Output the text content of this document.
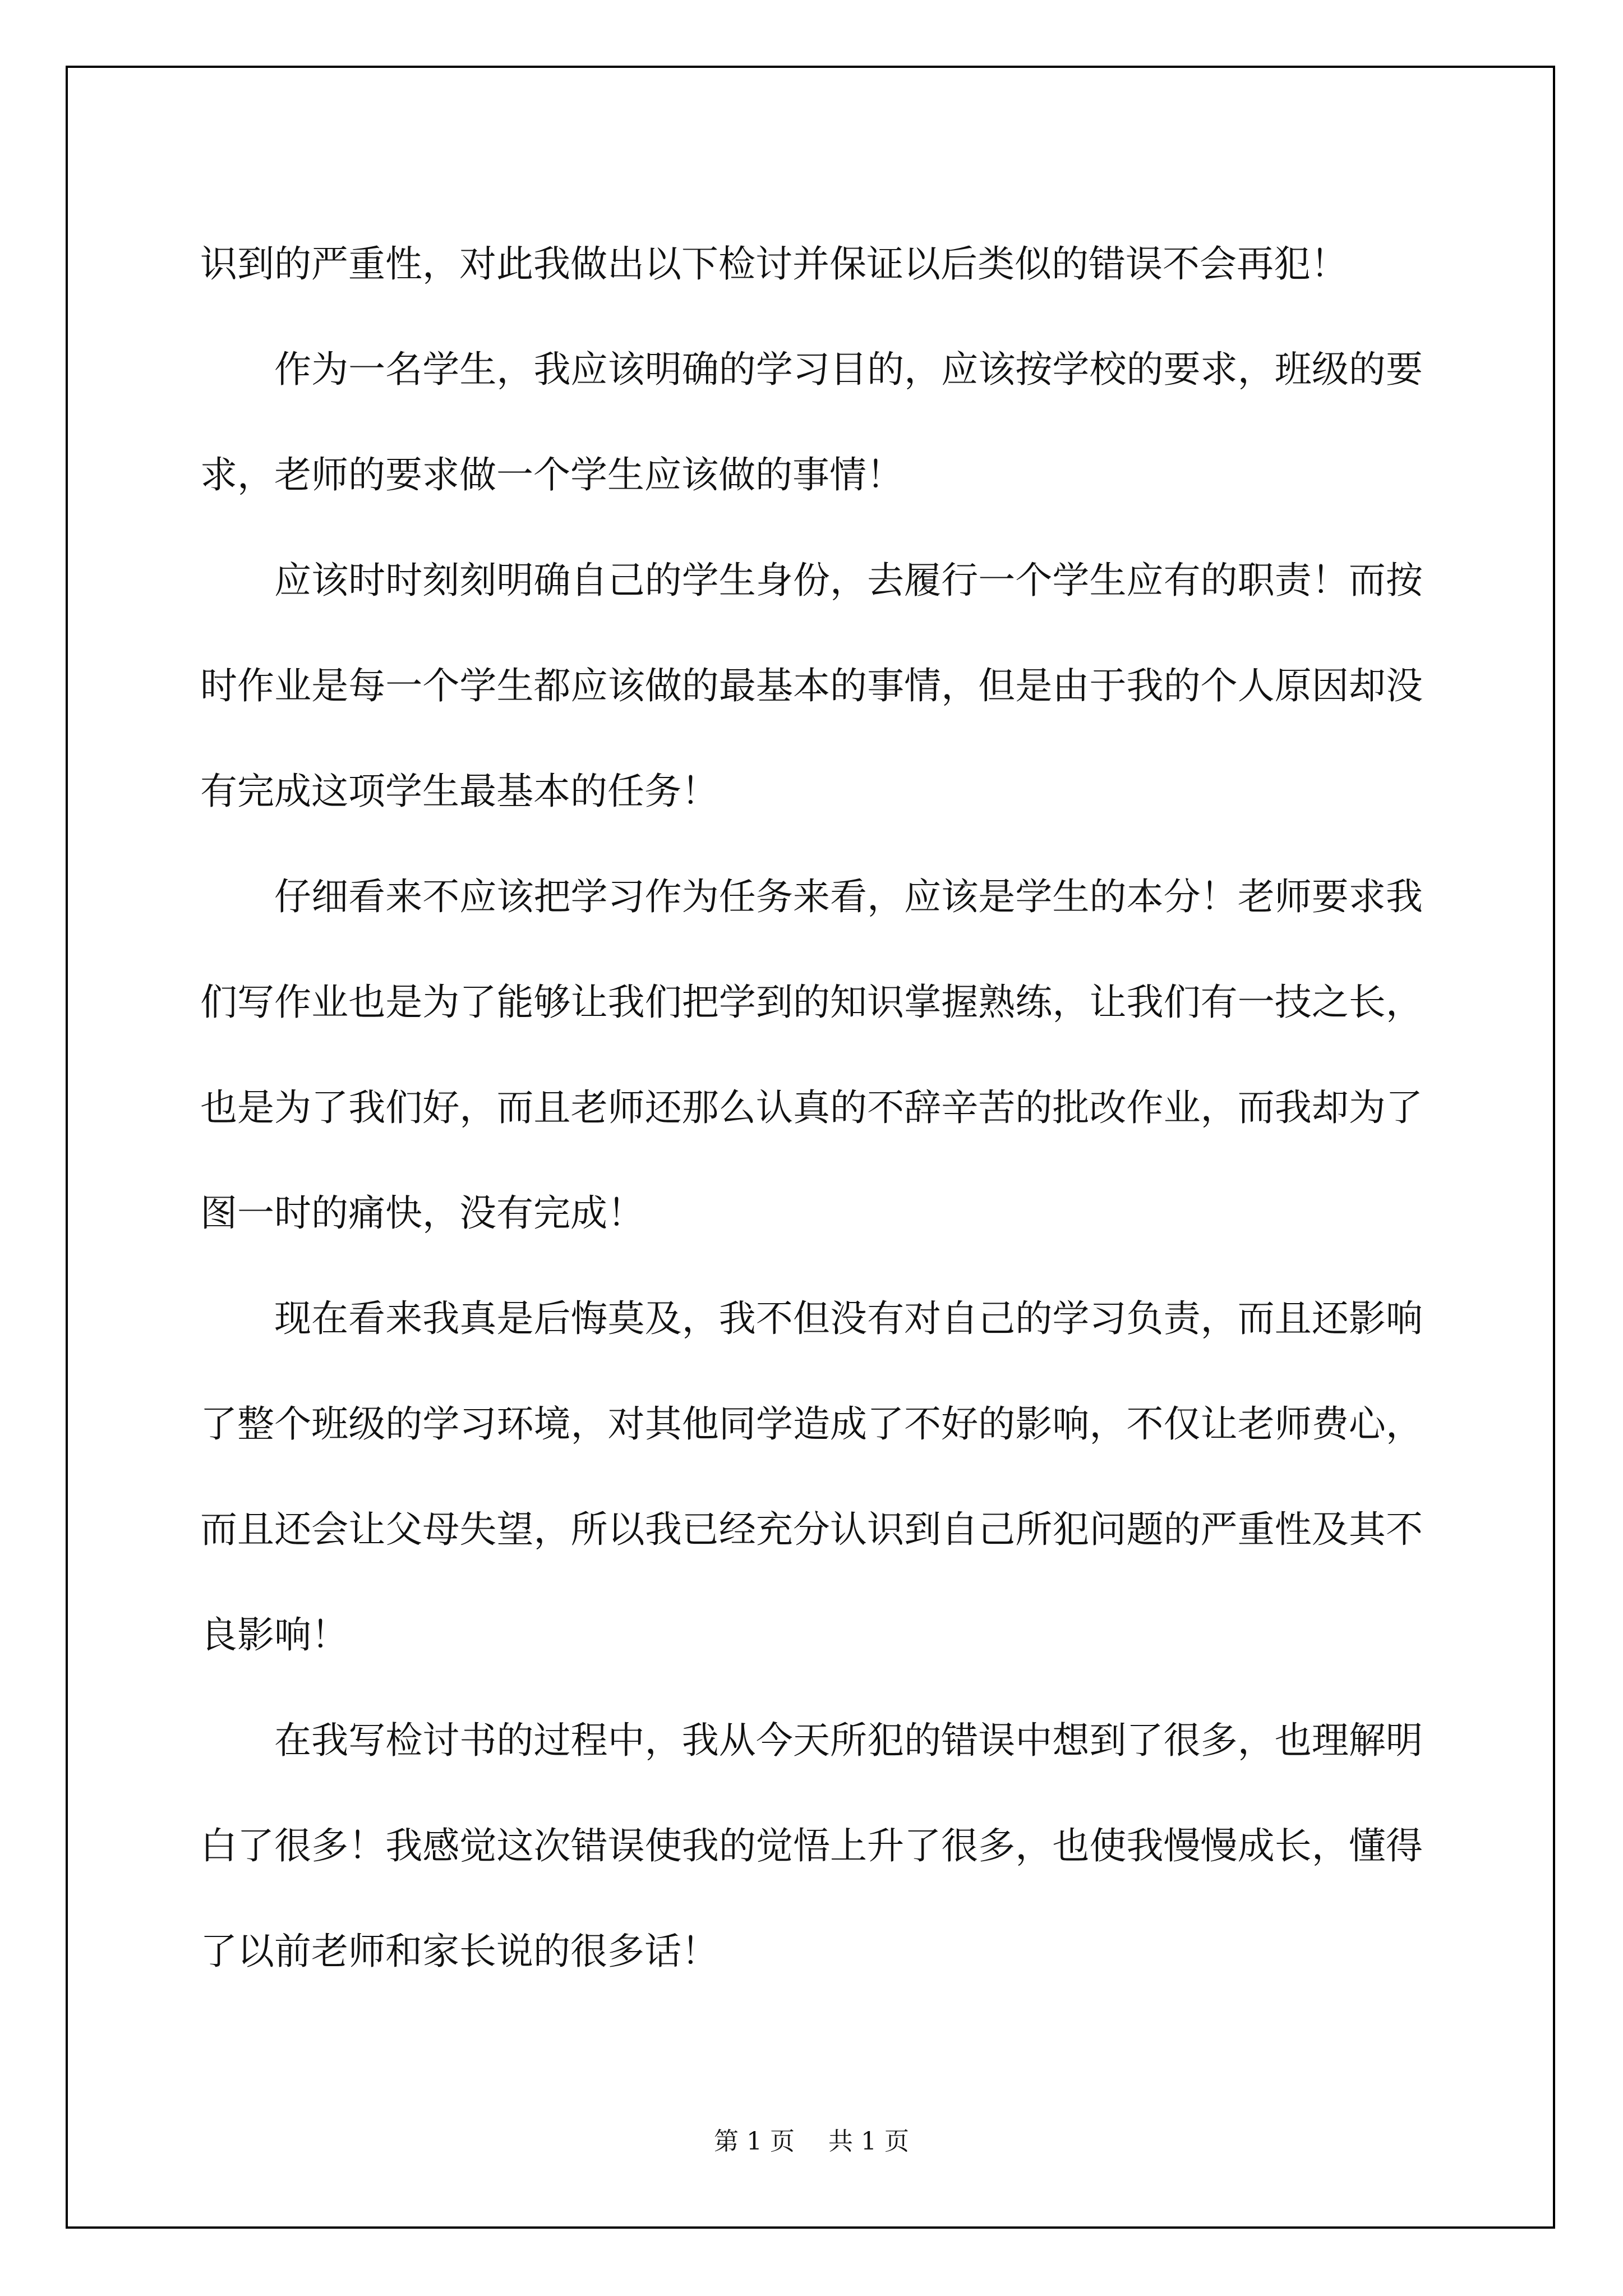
识到的严重性，对此我做出以下检讨并保证以后类似的错误不会再犯！

作为一名学生，我应该明确的学习目的，应该按学校的要求，班级的要求，老师的要求做一个学生应该做的事情！

应该时时刻刻明确自己的学生身份，去履行一个学生应有的职责！而按时作业是每一个学生都应该做的最基本的事情，但是由于我的个人原因却没有完成这项学生最基本的任务！

仔细看来不应该把学习作为任务来看，应该是学生的本分！老师要求我们写作业也是为了能够让我们把学到的知识掌握熟练，让我们有一技之长，也是为了我们好，而且老师还那么认真的不辞辛苦的批改作业，而我却为了图一时的痛快，没有完成！

现在看来我真是后悔莫及，我不但没有对自己的学习负责，而且还影响了整个班级的学习环境，对其他同学造成了不好的影响，不仅让老师费心，而且还会让父母失望，所以我已经充分认识到自己所犯问题的严重性及其不良影响！

在我写检讨书的过程中，我从今天所犯的错误中想到了很多，也理解明白了很多！我感觉这次错误使我的觉悟上升了很多，也使我慢慢成长，懂得了以前老师和家长说的很多话！

第 1 页 共 1 页
